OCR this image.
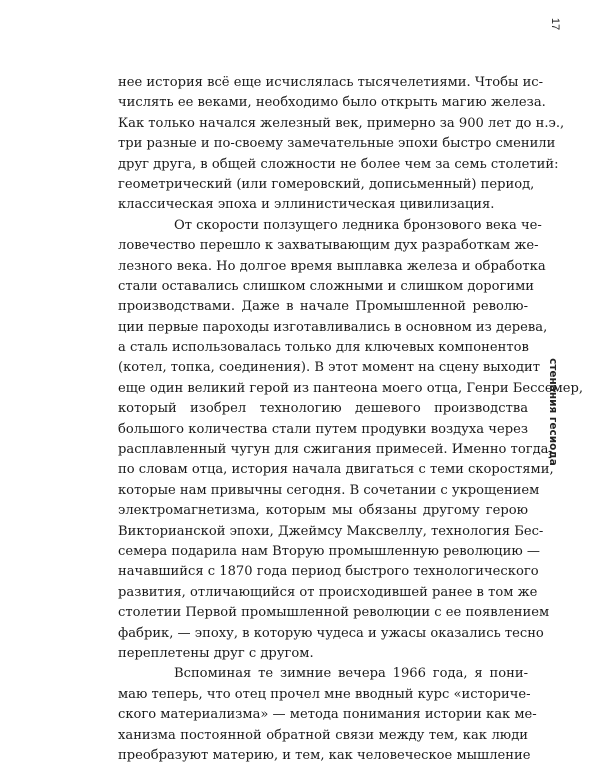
17
стенания гесиода

нее история всё еще исчислялась тысячелетиями. Чтобы ис-
числять ее веками, необходимо было открыть магию железа.
Как только начался железный век, примерно за 900 лет до н.э.,
три разные и по-своему замечательные эпохи быстро сменили
друг друга, в общей сложности не более чем за семь столетий:
геометрический (или гомеровский, дописьменный) период,
классическая эпоха и эллинистическая цивилизация.

От скорости ползущего ледника бронзового века че-
ловечество перешло к захватывающим дух разработкам же-
лезного века. Но долгое время выплавка железа и обработка
стали оставались слишком сложными и слишком дорогими
производствами. Даже в начале Промышленной револю-
ции первые пароходы изготавливались в основном из дерева,
а сталь использовалась только для ключевых компонентов
(котел, топка, соединения). В этот момент на сцену выходит
еще один великий герой из пантеона моего отца, Генри Бессемер,
который изобрел технологию дешевого производства
большого количества стали путем продувки воздуха через
расплавленный чугун для сжигания примесей. Именно тогда,
по словам отца, история начала двигаться с теми скоростями,
которые нам привычны сегодня. В сочетании с укрощением
электромагнетизма, которым мы обязаны другому герою
Викторианской эпохи, Джеймсу Максвеллу, технология Бес-
семера подарила нам Вторую промышленную революцию —
начавшийся с 1870 года период быстрого технологического
развития, отличающийся от происходившей ранее в том же
столетии Первой промышленной революции с ее появлением
фабрик, — эпоху, в которую чудеса и ужасы оказались тесно
переплетены друг с другом.

Вспоминая те зимние вечера 1966 года, я пони-
маю теперь, что отец прочел мне вводный курс «историче-
ского материализма» — метода понимания истории как ме-
ханизма постоянной обратной связи между тем, как люди
преобразуют материю, и тем, как человеческое мышление
